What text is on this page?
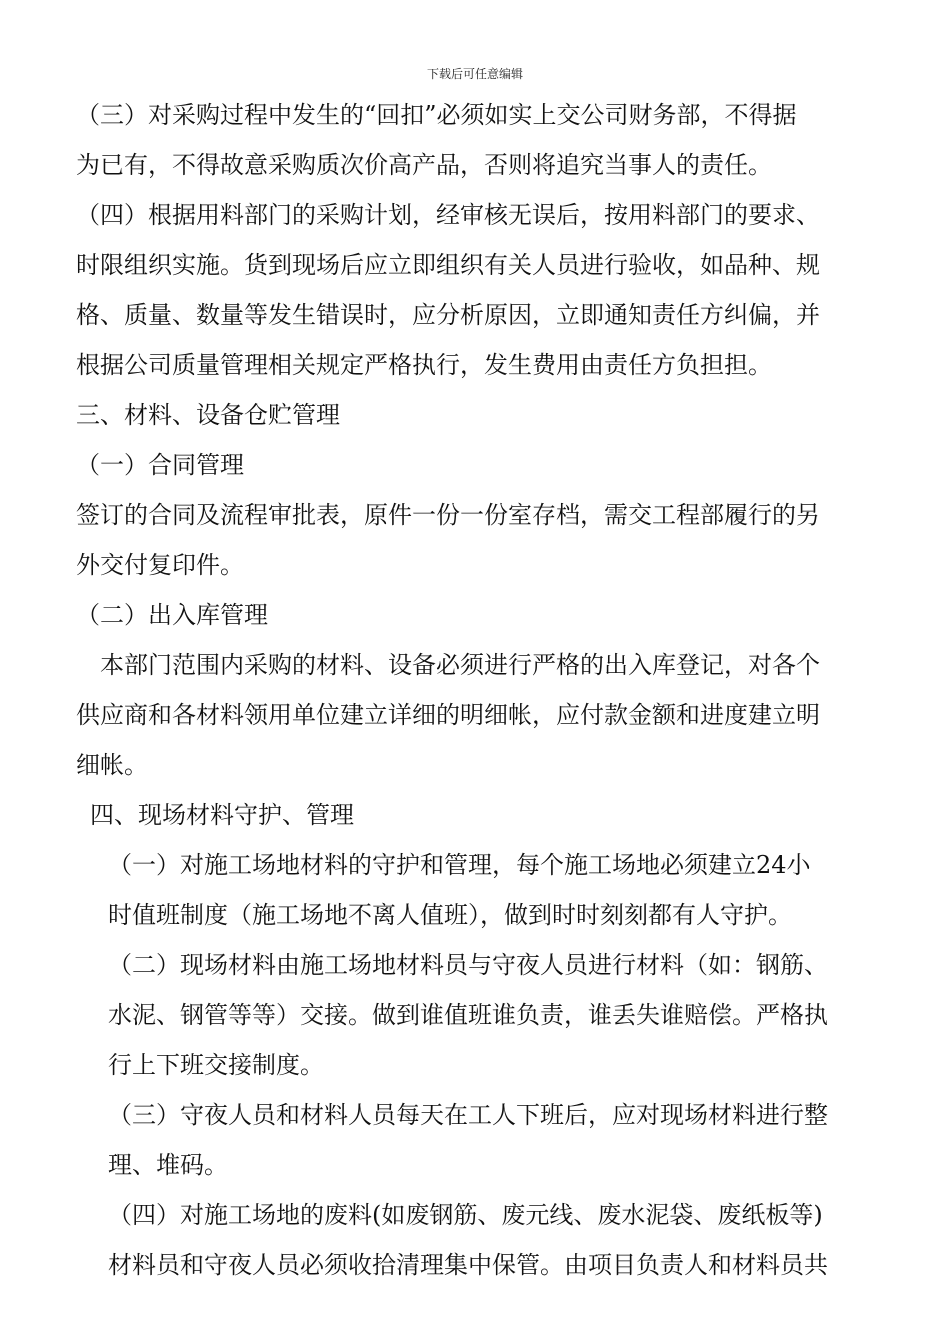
下载后可任意编辑
（三）对采购过程中发生的“回扣”必须如实上交公司财务部，不得据
为已有，不得故意采购质次价高产品，否则将追究当事人的责任。
（四）根据用料部门的采购计划，经审核无误后，按用料部门的要求、
时限组织实施。货到现场后应立即组织有关人员进行验收，如品种、规
格、质量、数量等发生错误时，应分析原因，立即通知责任方纠偏，并
根据公司质量管理相关规定严格执行，发生费用由责任方负担担。
三、材料、设备仓贮管理
（一）合同管理
签订的合同及流程审批表，原件一份一份室存档，需交工程部履行的另
外交付复印件。
（二）出入库管理
本部门范围内采购的材料、设备必须进行严格的出入库登记，对各个
供应商和各材料领用单位建立详细的明细帐，应付款金额和进度建立明
细帐。
四、现场材料守护、管理
（一）对施工场地材料的守护和管理，每个施工场地必须建立24小
时值班制度（施工场地不离人值班），做到时时刻刻都有人守护。
（二）现场材料由施工场地材料员与守夜人员进行材料（如：钢筋、
水泥、钢管等等）交接。做到谁值班谁负责，谁丢失谁赔偿。严格执
行上下班交接制度。
（三）守夜人员和材料人员每天在工人下班后，应对现场材料进行整
理、堆码。
（四）对施工场地的废料(如废钢筋、废元线、废水泥袋、废纸板等)
材料员和守夜人员必须收拾清理集中保管。由项目负责人和材料员共
